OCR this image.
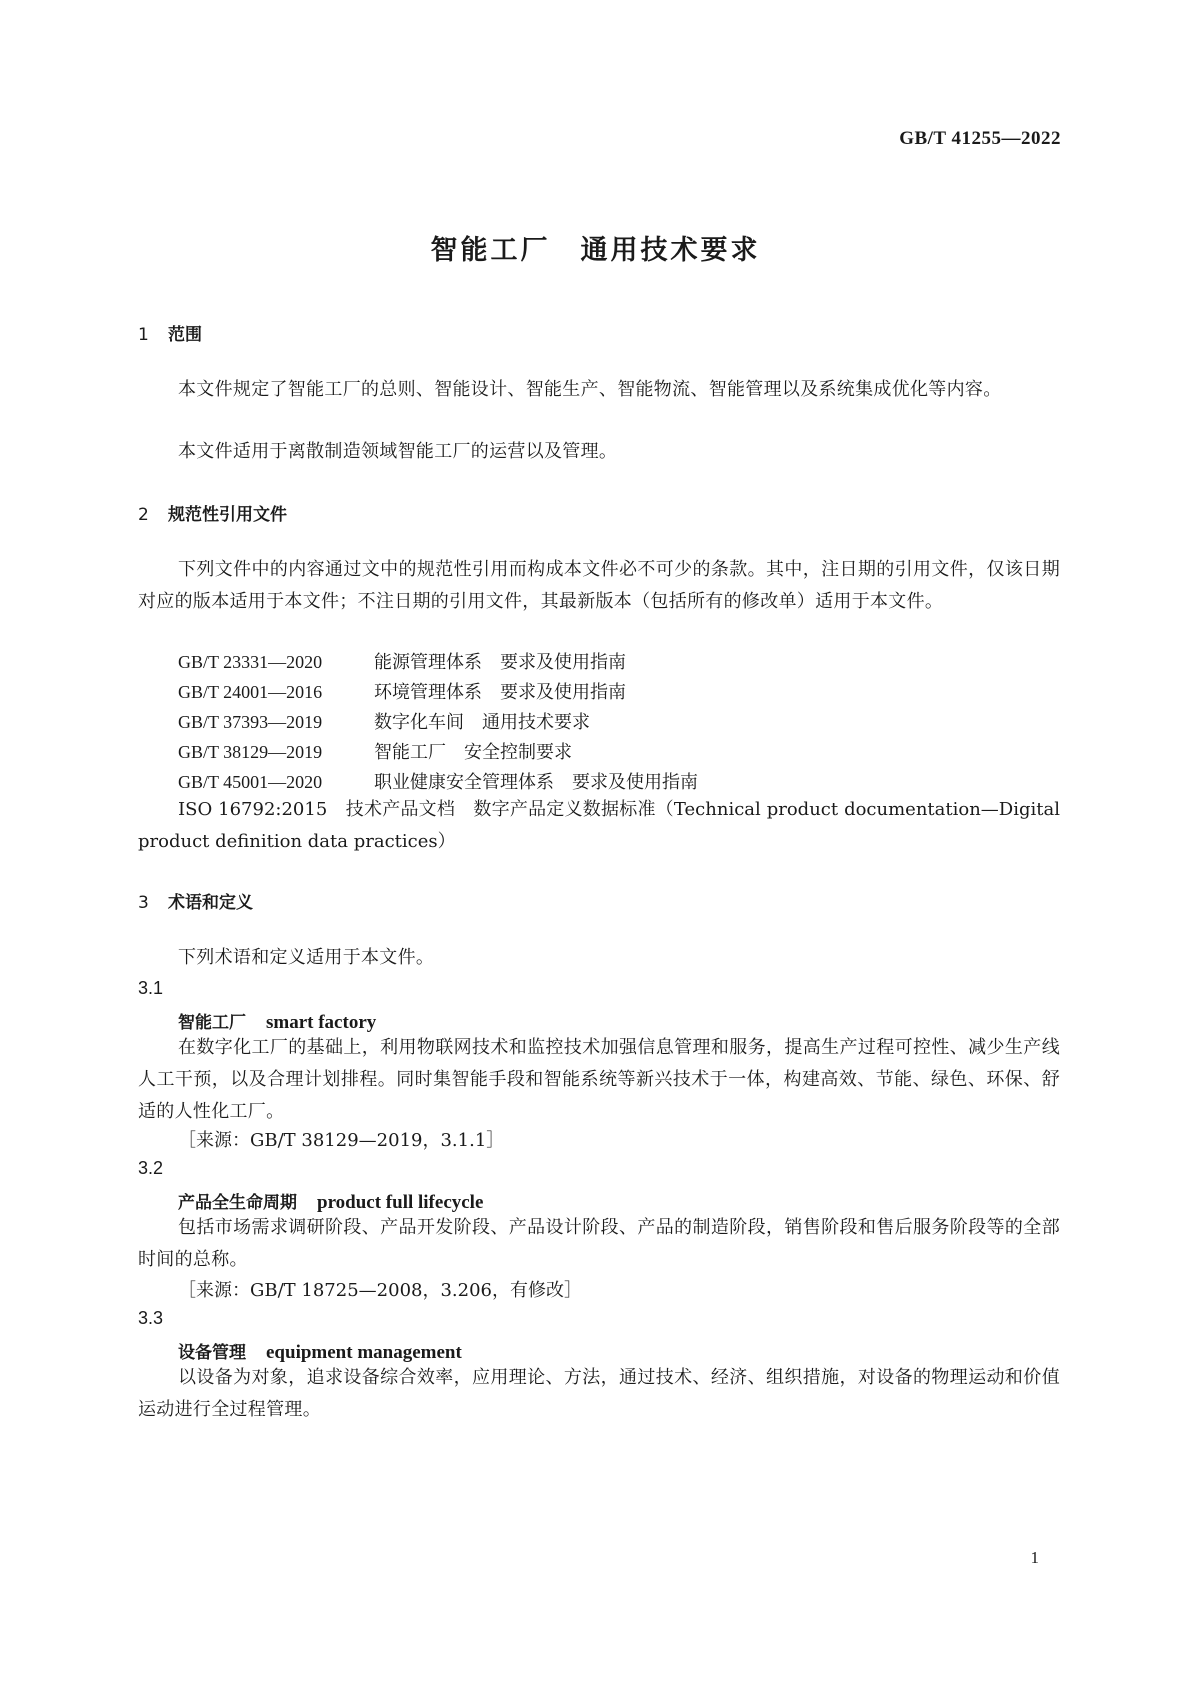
GB/T 41255—2022
智能工厂　通用技术要求
1 范围
本文件规定了智能工厂的总则、智能设计、智能生产、智能物流、智能管理以及系统集成优化等内容。
本文件适用于离散制造领域智能工厂的运营以及管理。
2 规范性引用文件
下列文件中的内容通过文中的规范性引用而构成本文件必不可少的条款。其中，注日期的引用文件，仅该日期对应的版本适用于本文件；不注日期的引用文件，其最新版本（包括所有的修改单）适用于本文件。
GB/T 23331—2020	能源管理体系　要求及使用指南
GB/T 24001—2016	环境管理体系　要求及使用指南
GB/T 37393—2019	数字化车间　通用技术要求
GB/T 38129—2019	智能工厂　安全控制要求
GB/T 45001—2020	职业健康安全管理体系　要求及使用指南
ISO 16792:2015　技术产品文档　数字产品定义数据标准（Technical product documentation—Digital product definition data practices）
3 术语和定义
下列术语和定义适用于本文件。
3.1
智能工厂 smart factory
在数字化工厂的基础上，利用物联网技术和监控技术加强信息管理和服务，提高生产过程可控性、减少生产线人工干预，以及合理计划排程。同时集智能手段和智能系统等新兴技术于一体，构建高效、节能、绿色、环保、舒适的人性化工厂。
［来源：GB/T 38129—2019，3.1.1］
3.2
产品全生命周期 product full lifecycle
包括市场需求调研阶段、产品开发阶段、产品设计阶段、产品的制造阶段，销售阶段和售后服务阶段等的全部时间的总称。
［来源：GB/T 18725—2008，3.206，有修改］
3.3
设备管理 equipment management
以设备为对象，追求设备综合效率，应用理论、方法，通过技术、经济、组织措施，对设备的物理运动和价值运动进行全过程管理。
1
